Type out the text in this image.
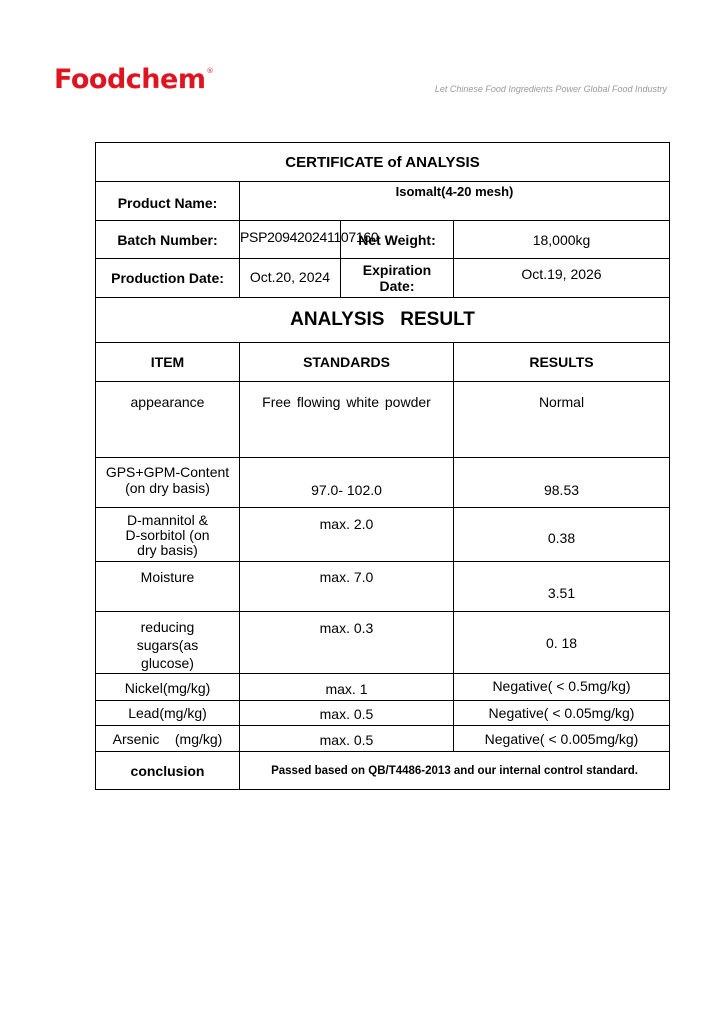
Foodchem®
Let Chinese Food Ingredients Power Global Food Industry
CERTIFICATE of ANALYSIS			
Product Name:	Isomalt(4-20 mesh)		
Batch Number:	PSP209420241107160	Net Weight:	18,000kg
Production Date:	Oct.20, 2024	Expiration Date:	Oct.19, 2026
ANALYSIS   RESULT			
ITEM	STANDARDS		RESULTS
appearance	Free flowing white powder		Normal
GPS+GPM-Content
(on dry basis)	97.0- 102.0		98.53
D-mannitol &
D-sorbitol (on
dry basis)	max. 2.0		0.38
Moisture	max. 7.0		3.51
reducing
sugars(as
glucose)	max. 0.3		0. 18
Nickel(mg/kg)	max. 1		Negative( < 0.5mg/kg)
Lead(mg/kg)	max. 0.5		Negative( < 0.05mg/kg)
Arsenic    (mg/kg)	max. 0.5		Negative( < 0.005mg/kg)
conclusion	Passed based on QB/T4486-2013 and our internal control standard.		
